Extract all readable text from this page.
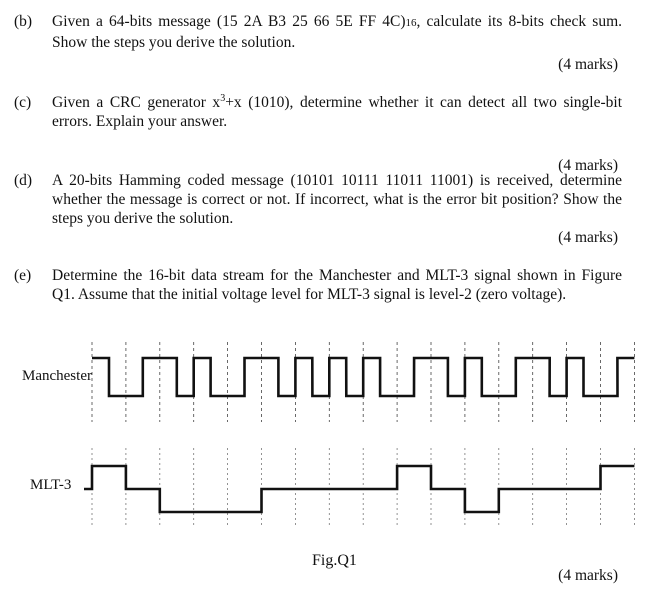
(b) Given a 64-bits message (15 2A B3 25 66 5E FF 4C)16, calculate its 8-bits check sum. Show the steps you derive the solution.
(4 marks)
(c) Given a CRC generator $x^3+x$ (1010), determine whether it can detect all two single-bit errors. Explain your answer.
(4 marks)
(d) A 20-bits Hamming coded message (10101 10111 11011 11001) is received, determine whether the message is correct or not. If incorrect, what is the error bit position? Show the steps you derive the solution.
(4 marks)
(e) Determine the 16-bit data stream for the Manchester and MLT-3 signal shown in Figure Q1. Assume that the initial voltage level for MLT-3 signal is level-2 (zero voltage).
Manchester
MLT-3
Fig.Q1
(4 marks)
